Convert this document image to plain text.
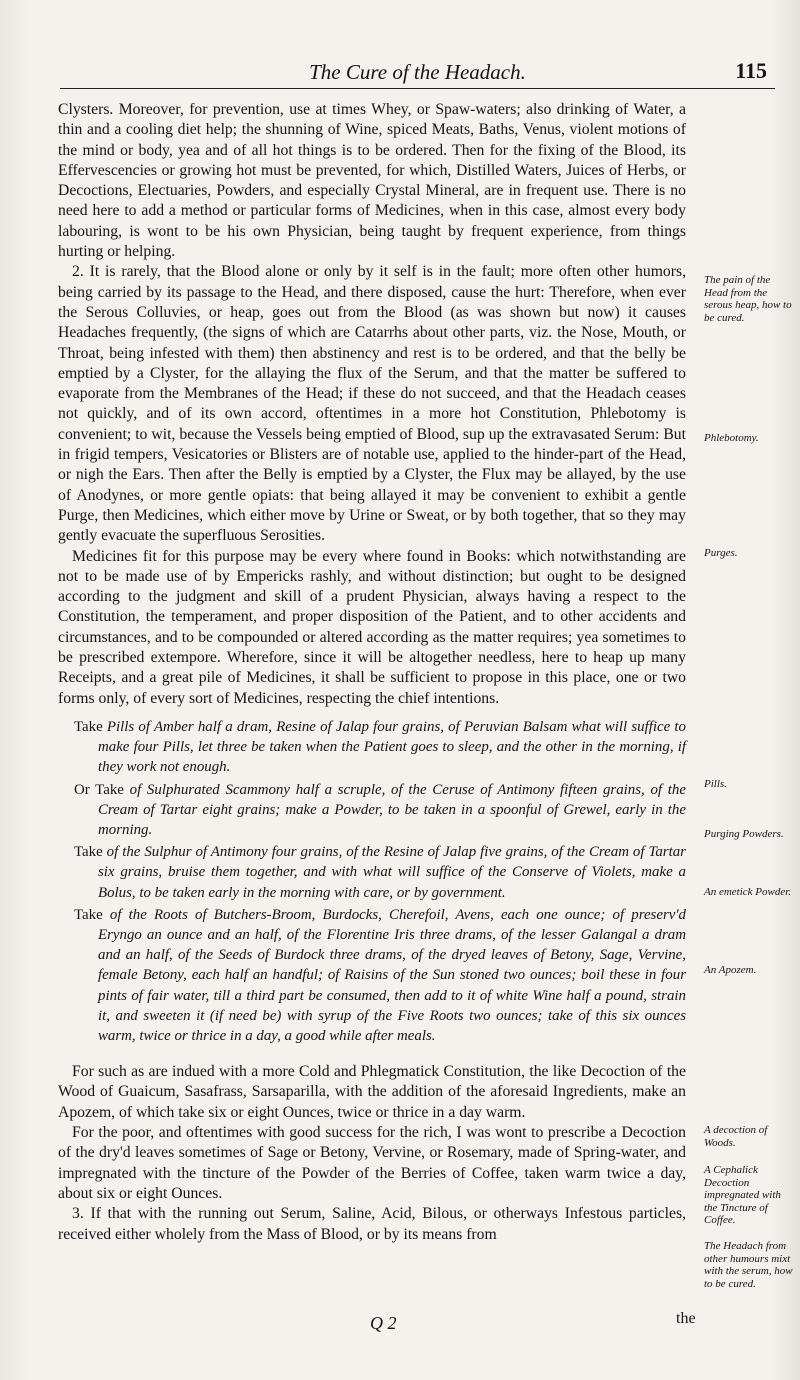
The Cure of the Headach.	115

Clysters. Moreover, for prevention, use at times Whey, or Spaw-waters; also drinking of Water, a thin and a cooling diet help; the shunning of Wine, spiced Meats, Baths, Venus, violent motions of the mind or body, yea and of all hot things is to be ordered. Then for the fixing of the Blood, its Effervescencies or growing hot must be prevented, for which, Distilled Waters, Juices of Herbs, or Decoctions, Electuaries, Powders, and especially Crystal Mineral, are in frequent use. There is no need here to add a method or particular forms of Medicines, when in this case, almost every body labouring, is wont to be his own Physician, being taught by frequent experience, from things hurting or helping.

2. It is rarely, that the Blood alone or only by it self is in the fault; more often other humors, being carried by its passage to the Head, and there disposed, cause the hurt: Therefore, when ever the Serous Colluvies, or heap, goes out from the Blood (as was shown but now) it causes Headaches frequently, (the signs of which are Catarrhs about other parts, viz. the Nose, Mouth, or Throat, being infested with them) then abstinency and rest is to be ordered, and that the belly be emptied by a Clyster, for the allaying the flux of the Serum, and that the matter be suffered to evaporate from the Membranes of the Head; if these do not succeed, and that the Headach ceases not quickly, and of its own accord, oftentimes in a more hot Constitution, Phlebotomy is convenient; to wit, because the Vessels being emptied of Blood, sup up the extravasated Serum: But in frigid tempers, Vesicatories or Blisters are of notable use, applied to the hinder-part of the Head, or nigh the Ears. Then after the Belly is emptied by a Clyster, the Flux may be allayed, by the use of Anodynes, or more gentle opiats: that being allayed it may be convenient to exhibit a gentle Purge, then Medicines, which either move by Urine or Sweat, or by both together, that so they may gently evacuate the superfluous Serosities.

Medicines fit for this purpose may be every where found in Books: which notwithstanding are not to be made use of by Empericks rashly, and without distinction; but ought to be designed according to the judgment and skill of a prudent Physician, always having a respect to the Constitution, the temperament, and proper disposition of the Patient, and to other accidents and circumstances, and to be compounded or altered according as the matter requires; yea sometimes to be prescribed extempore. Wherefore, since it will be altogether needless, here to heap up many Receipts, and a great pile of Medicines, it shall be sufficient to propose in this place, one or two forms only, of every sort of Medicines, respecting the chief intentions.

Take Pills of Amber half a dram, Resine of Jalap four grains, of Peruvian Balsam what will suffice to make four Pills, let three be taken when the Patient goes to sleep, and the other in the morning, if they work not enough.

Or Take of Sulphurated Scammony half a scruple, of the Ceruse of Antimony fifteen grains, of the Cream of Tartar eight grains; make a Powder, to be taken in a spoonful of Grewel, early in the morning.

Take of the Sulphur of Antimony four grains, of the Resine of Jalap five grains, of the Cream of Tartar six grains, bruise them together, and with what will suffice of the Conserve of Violets, make a Bolus, to be taken early in the morning with care, or by government.

Take of the Roots of Butchers-Broom, Burdocks, Cherefoil, Avens, each one ounce; of preserv'd Eryngo an ounce and an half, of the Florentine Iris three drams, of the lesser Galangal a dram and an half, of the Seeds of Burdock three drams, of the dryed leaves of Betony, Sage, Vervine, female Betony, each half an handful; of Raisins of the Sun stoned two ounces; boil these in four pints of fair water, till a third part be consumed, then add to it of white Wine half a pound, strain it, and sweeten it (if need be) with syrup of the Five Roots two ounces; take of this six ounces warm, twice or thrice in a day, a good while after meals.

For such as are indued with a more Cold and Phlegmatick Constitution, the like Decoction of the Wood of Guaicum, Sasafrass, Sarsaparilla, with the addition of the aforesaid Ingredients, make an Apozem, of which take six or eight Ounces, twice or thrice in a day warm.

For the poor, and oftentimes with good success for the rich, I was wont to prescribe a Decoction of the dry'd leaves sometimes of Sage or Betony, Vervine, or Rosemary, made of Spring-water, and impregnated with the tincture of the Powder of the Berries of Coffee, taken warm twice a day, about six or eight Ounces.

3. If that with the running out Serum, Saline, Acid, Bilous, or otherways Infestous particles, received either wholely from the Mass of Blood, or by its means from

The pain of the Head from the serous heap, how to be cured.
Phlebotomy.
Purges.
Pills.
Purging Powders.
An emetick Powder.
An Apozem.
A decoction of Woods.
A Cephalick Decoction impregnated with the Tincture of Coffee.
The Headach from other humours mixt with the serum, how to be cured.
Q 2	the
